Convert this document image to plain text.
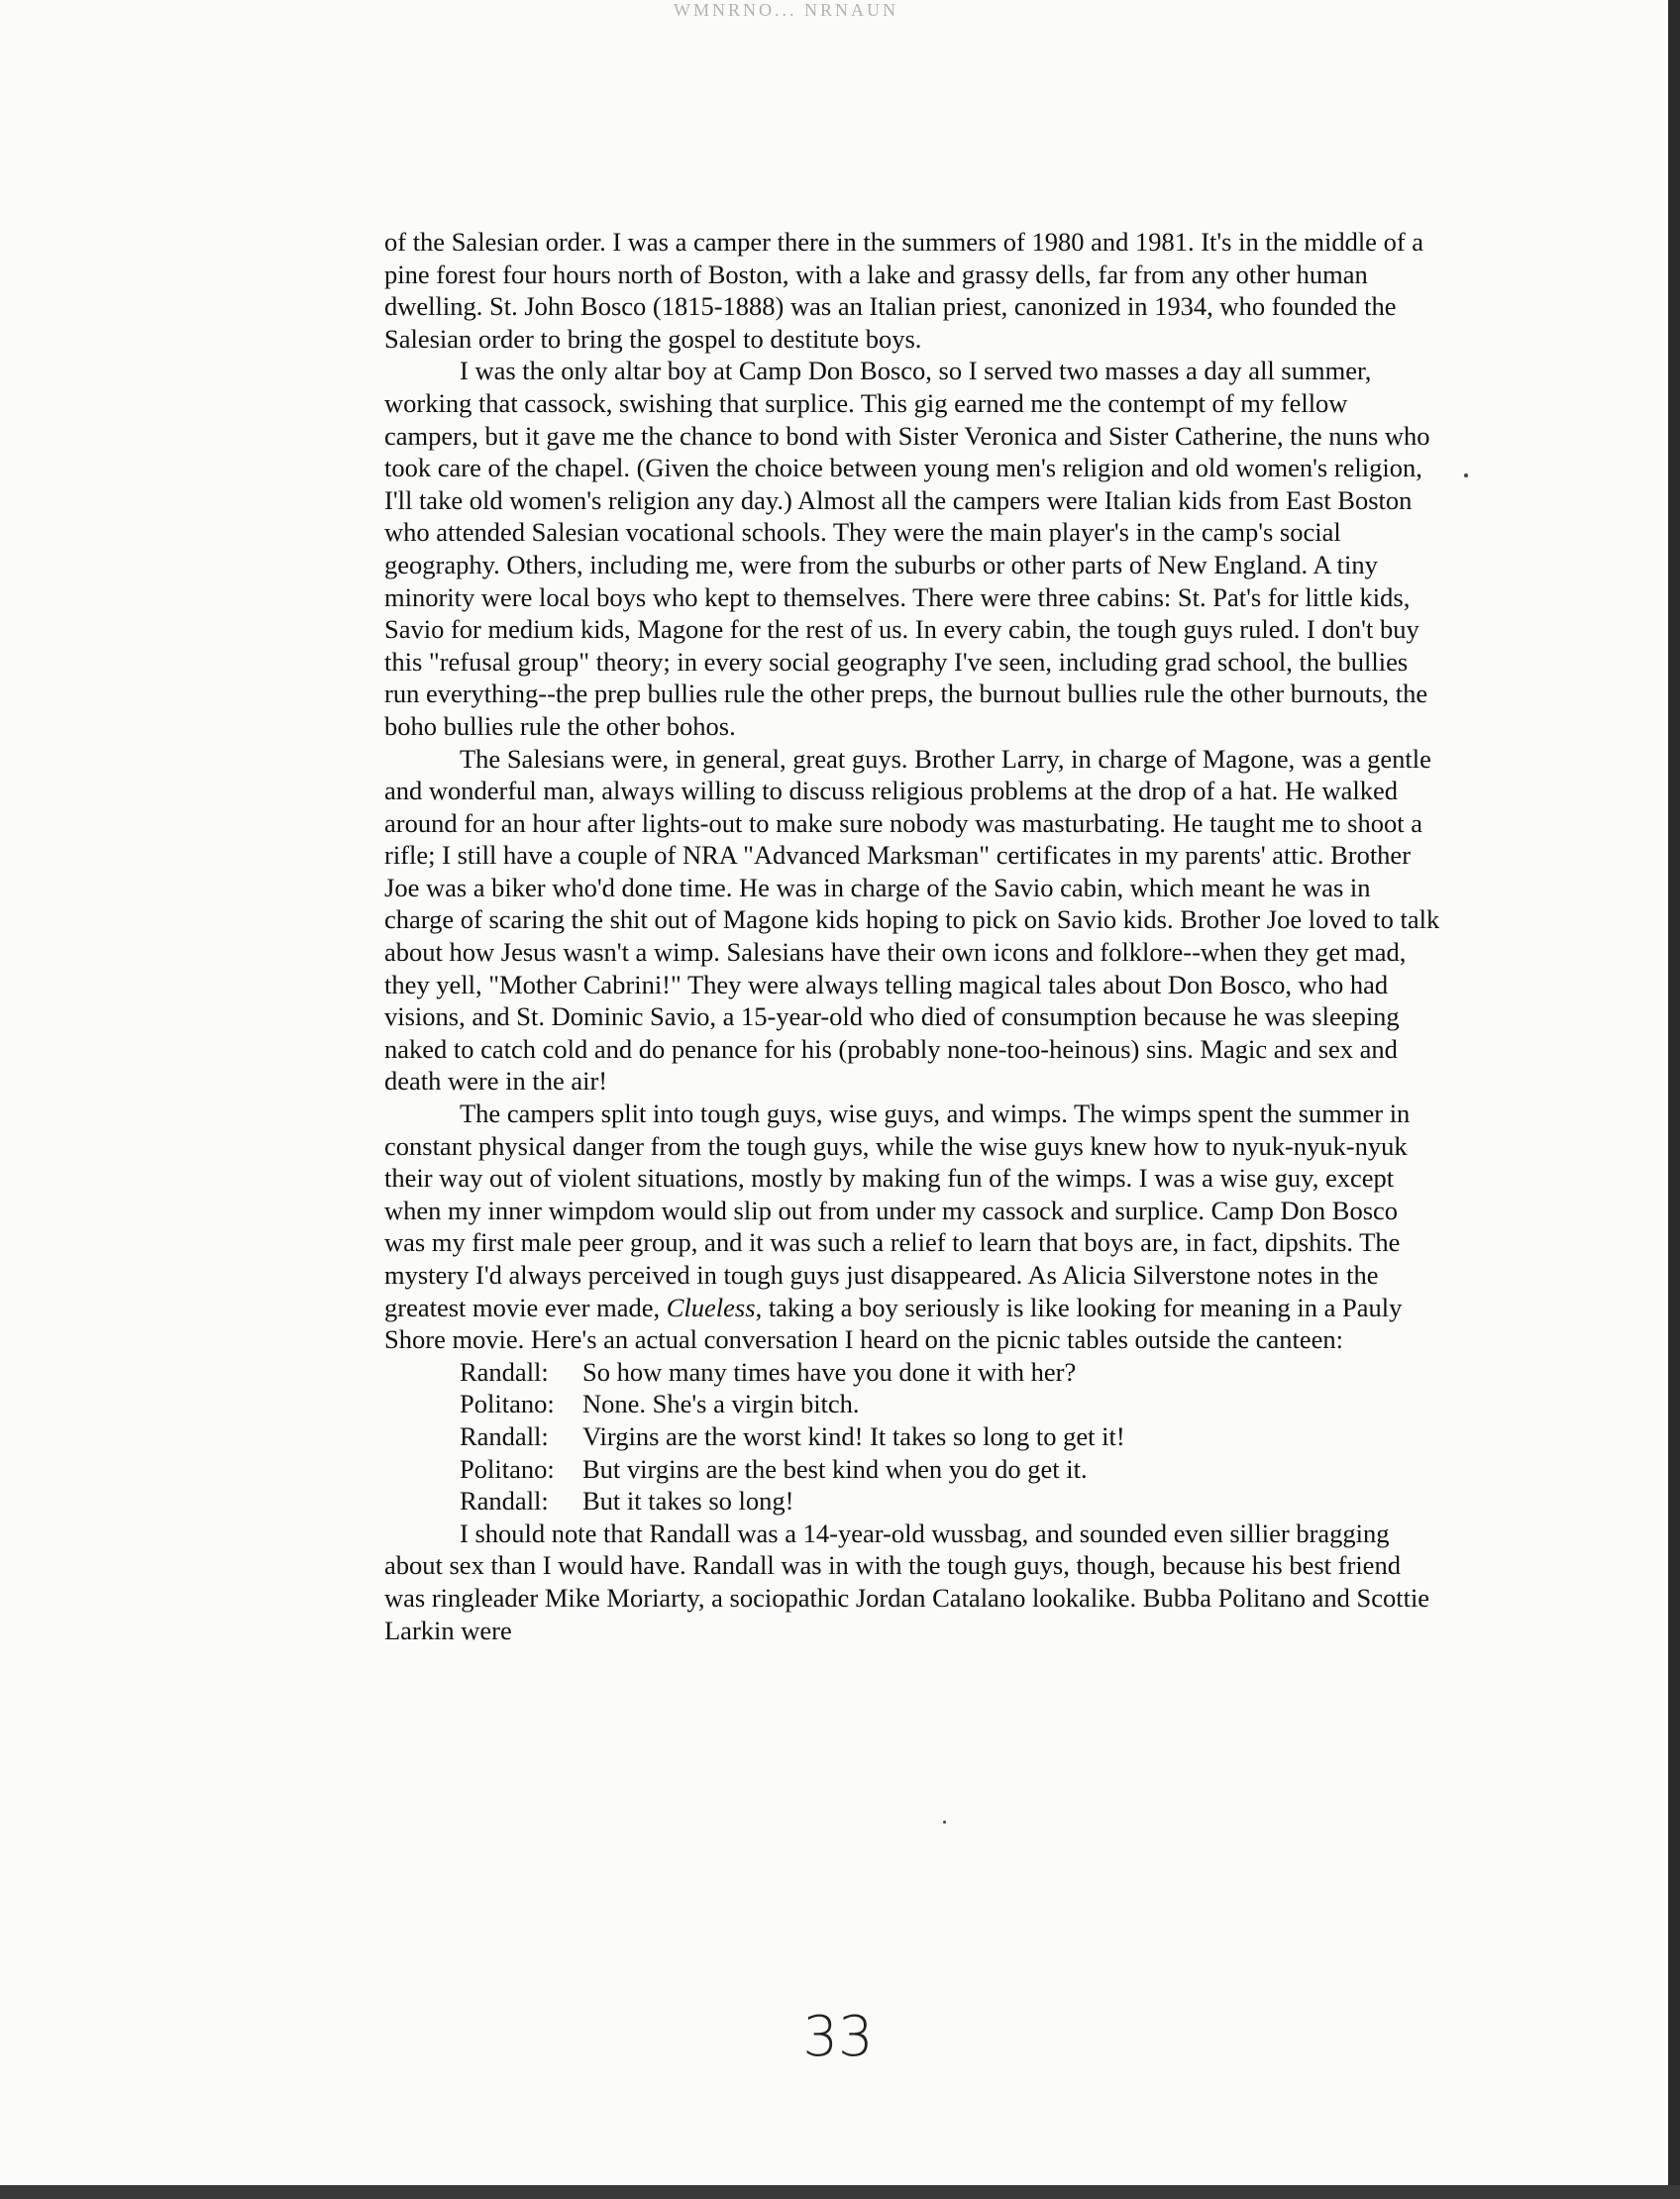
WMNRNO... NRNAUN

of the Salesian order. I was a camper there in the summers of 1980 and 1981. It's in the middle of a pine forest four hours north of Boston, with a lake and grassy dells, far from any other human dwelling. St. John Bosco (1815-1888) was an Italian priest, canonized in 1934, who founded the Salesian order to bring the gospel to destitute boys.

I was the only altar boy at Camp Don Bosco, so I served two masses a day all summer, working that cassock, swishing that surplice. This gig earned me the contempt of my fellow campers, but it gave me the chance to bond with Sister Veronica and Sister Catherine, the nuns who took care of the chapel. (Given the choice between young men's religion and old women's religion, I'll take old women's religion any day.) Almost all the campers were Italian kids from East Boston who attended Salesian vocational schools. They were the main player's in the camp's social geography. Others, including me, were from the suburbs or other parts of New England. A tiny minority were local boys who kept to themselves. There were three cabins: St. Pat's for little kids, Savio for medium kids, Magone for the rest of us. In every cabin, the tough guys ruled. I don't buy this "refusal group" theory; in every social geography I've seen, including grad school, the bullies run everything--the prep bullies rule the other preps, the burnout bullies rule the other burnouts, the boho bullies rule the other bohos.

The Salesians were, in general, great guys. Brother Larry, in charge of Magone, was a gentle and wonderful man, always willing to discuss religious problems at the drop of a hat. He walked around for an hour after lights-out to make sure nobody was masturbating. He taught me to shoot a rifle; I still have a couple of NRA "Advanced Marksman" certificates in my parents' attic. Brother Joe was a biker who'd done time. He was in charge of the Savio cabin, which meant he was in charge of scaring the shit out of Magone kids hoping to pick on Savio kids. Brother Joe loved to talk about how Jesus wasn't a wimp. Salesians have their own icons and folklore--when they get mad, they yell, "Mother Cabrini!" They were always telling magical tales about Don Bosco, who had visions, and St. Dominic Savio, a 15-year-old who died of consumption because he was sleeping naked to catch cold and do penance for his (probably none-too-heinous) sins. Magic and sex and death were in the air!

The campers split into tough guys, wise guys, and wimps. The wimps spent the summer in constant physical danger from the tough guys, while the wise guys knew how to nyuk-nyuk-nyuk their way out of violent situations, mostly by making fun of the wimps. I was a wise guy, except when my inner wimpdom would slip out from under my cassock and surplice. Camp Don Bosco was my first male peer group, and it was such a relief to learn that boys are, in fact, dipshits. The mystery I'd always perceived in tough guys just disappeared. As Alicia Silverstone notes in the greatest movie ever made, Clueless, taking a boy seriously is like looking for meaning in a Pauly Shore movie. Here's an actual conversation I heard on the picnic tables outside the canteen:

Randall: So how many times have you done it with her?
Politano: None. She's a virgin bitch.
Randall: Virgins are the worst kind! It takes so long to get it!
Politano: But virgins are the best kind when you do get it.
Randall: But it takes so long!

I should note that Randall was a 14-year-old wussbag, and sounded even sillier bragging about sex than I would have. Randall was in with the tough guys, though, because his best friend was ringleader Mike Moriarty, a sociopathic Jordan Catalano lookalike. Bubba Politano and Scottie Larkin were

33
